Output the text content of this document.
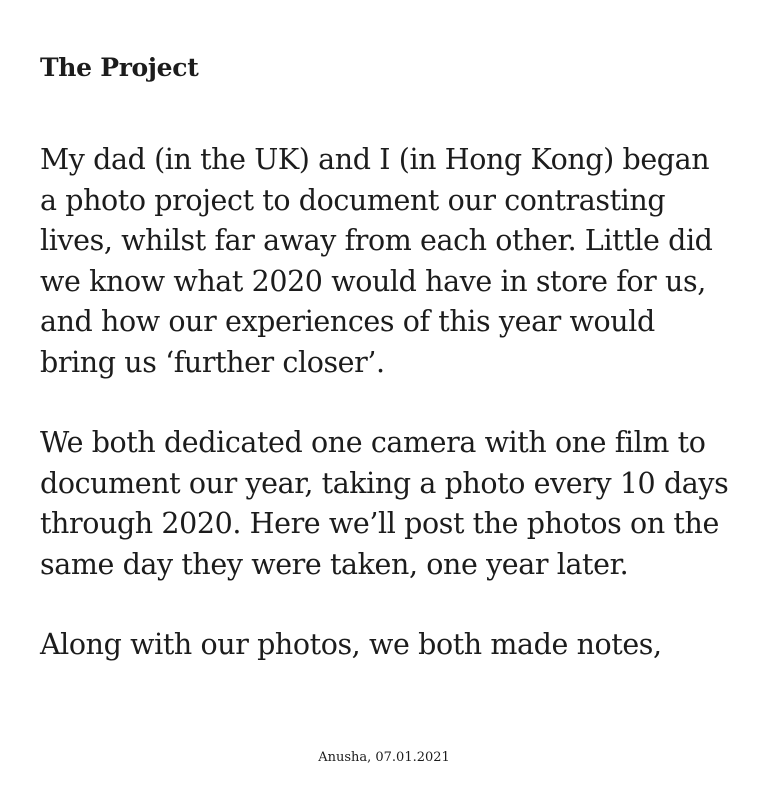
The Project

My dad (in the UK) and I (in Hong Kong) began
a photo project to document our contrasting
lives, whilst far away from each other. Little did
we know what 2020 would have in store for us,
and how our experiences of this year would
bring us ‘further closer’.

We both dedicated one camera with one film to
document our year, taking a photo every 10 days
through 2020. Here we’ll post the photos on the
same day they were taken, one year later.

Along with our photos, we both made notes,

Anusha, 07.01.2021
